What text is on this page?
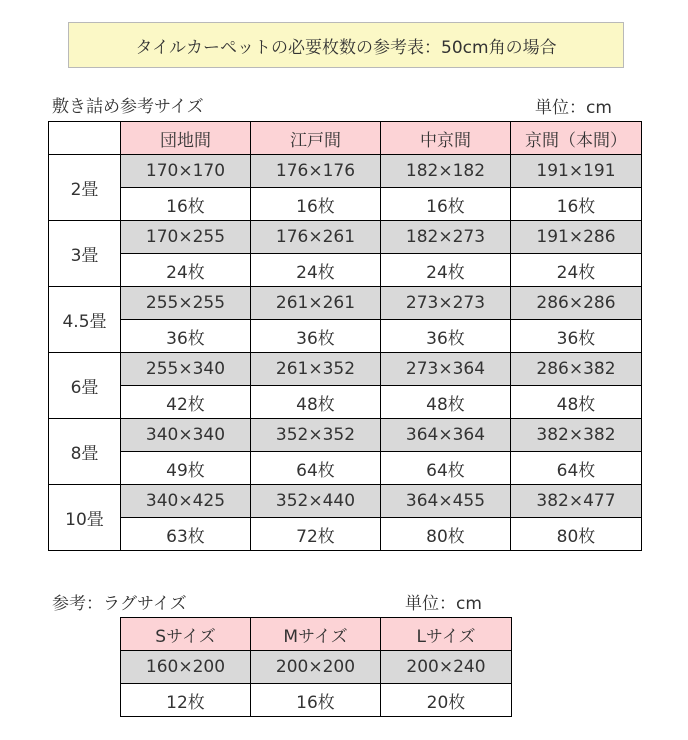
タイルカーペットの必要枚数の参考表：50cm角の場合
敷き詰め参考サイズ	単位：cm
	団地間	江戸間	中京間	京間（本間）
2畳	170×170	176×176	182×182	191×191
	16枚	16枚	16枚	16枚
3畳	170×255	176×261	182×273	191×286
	24枚	24枚	24枚	24枚
4.5畳	255×255	261×261	273×273	286×286
	36枚	36枚	36枚	36枚
6畳	255×340	261×352	273×364	286×382
	42枚	48枚	48枚	48枚
8畳	340×340	352×352	364×364	382×382
	49枚	64枚	64枚	64枚
10畳	340×425	352×440	364×455	382×477
	63枚	72枚	80枚	80枚
参考：ラグサイズ	単位：cm
Sサイズ	Mサイズ	Lサイズ
160×200	200×200	200×240
12枚	16枚	20枚
